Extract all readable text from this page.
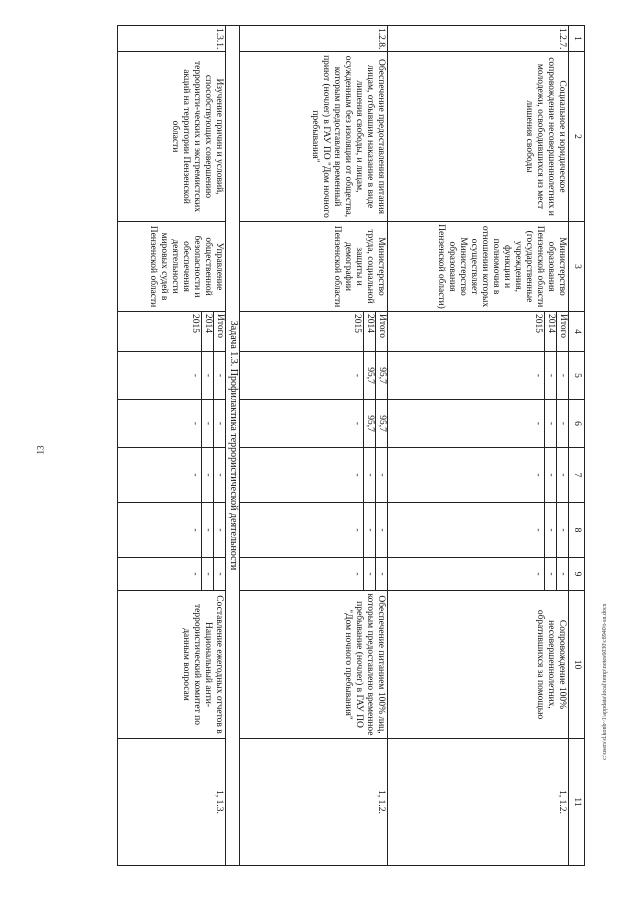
13
c:\users\d.konb~1\appdata\local\temp\notes6030\c8940\t-sn.docx
1	2	3	4	5	6	7	8	9	10	11
1.2.7.	Социальное и юридическое сопровождение несовершеннолетних и молодежи, освободившихся из мест лишения свободы	Министерство образования Пензенской области (государственные учреждения, функции и полномочия в отношении которых осуществляет Министерство образования Пензенской области)	Итого	-	-	-	-	-	Сопровождение 100% несовершеннолетних, обратившихся за помощью	1, 1.2.
			2014	-	-	-	-	-		
			2015	-	-	-	-	-		
1.2.8.	Обеспечение предоставления питания лицам, отбывшим наказание в виде лишения свободы, и лицам, осужденным без изоляции от общества, которым предоставлен временный приют (ночлег) в ГАУ ПО "Дом ночного пребывания"	Министерство труда, социальной защиты и демографии Пензенской области	Итого	95,7	95,7	-	-	-	Обеспечение питанием 100% лиц, которым предоставлено временное пребывание (ночлег) в ГАУ ПО "Дом ночного пребывания"	1, 1.2.
			2014	95,7	95,7	-	-	-		
			2015	-	-	-	-	-		
Задача 1.3. Профилактика террористической деятельности										
1.3.1.	Изучение причин и условий, способствующих совершению террористи-ческих и экстремистских акций на территории Пензенской области	Управление общественной безопасности и обеспечения деятельности мировых судей в Пензенской области	Итого	-	-	-	-	-	Составление ежегодных отчетов в Национальный анти-террористический комитет по данным вопросам	1, 1.3.
			2014	-	-	-	-	-		
			2015	-	-	-	-	-		
